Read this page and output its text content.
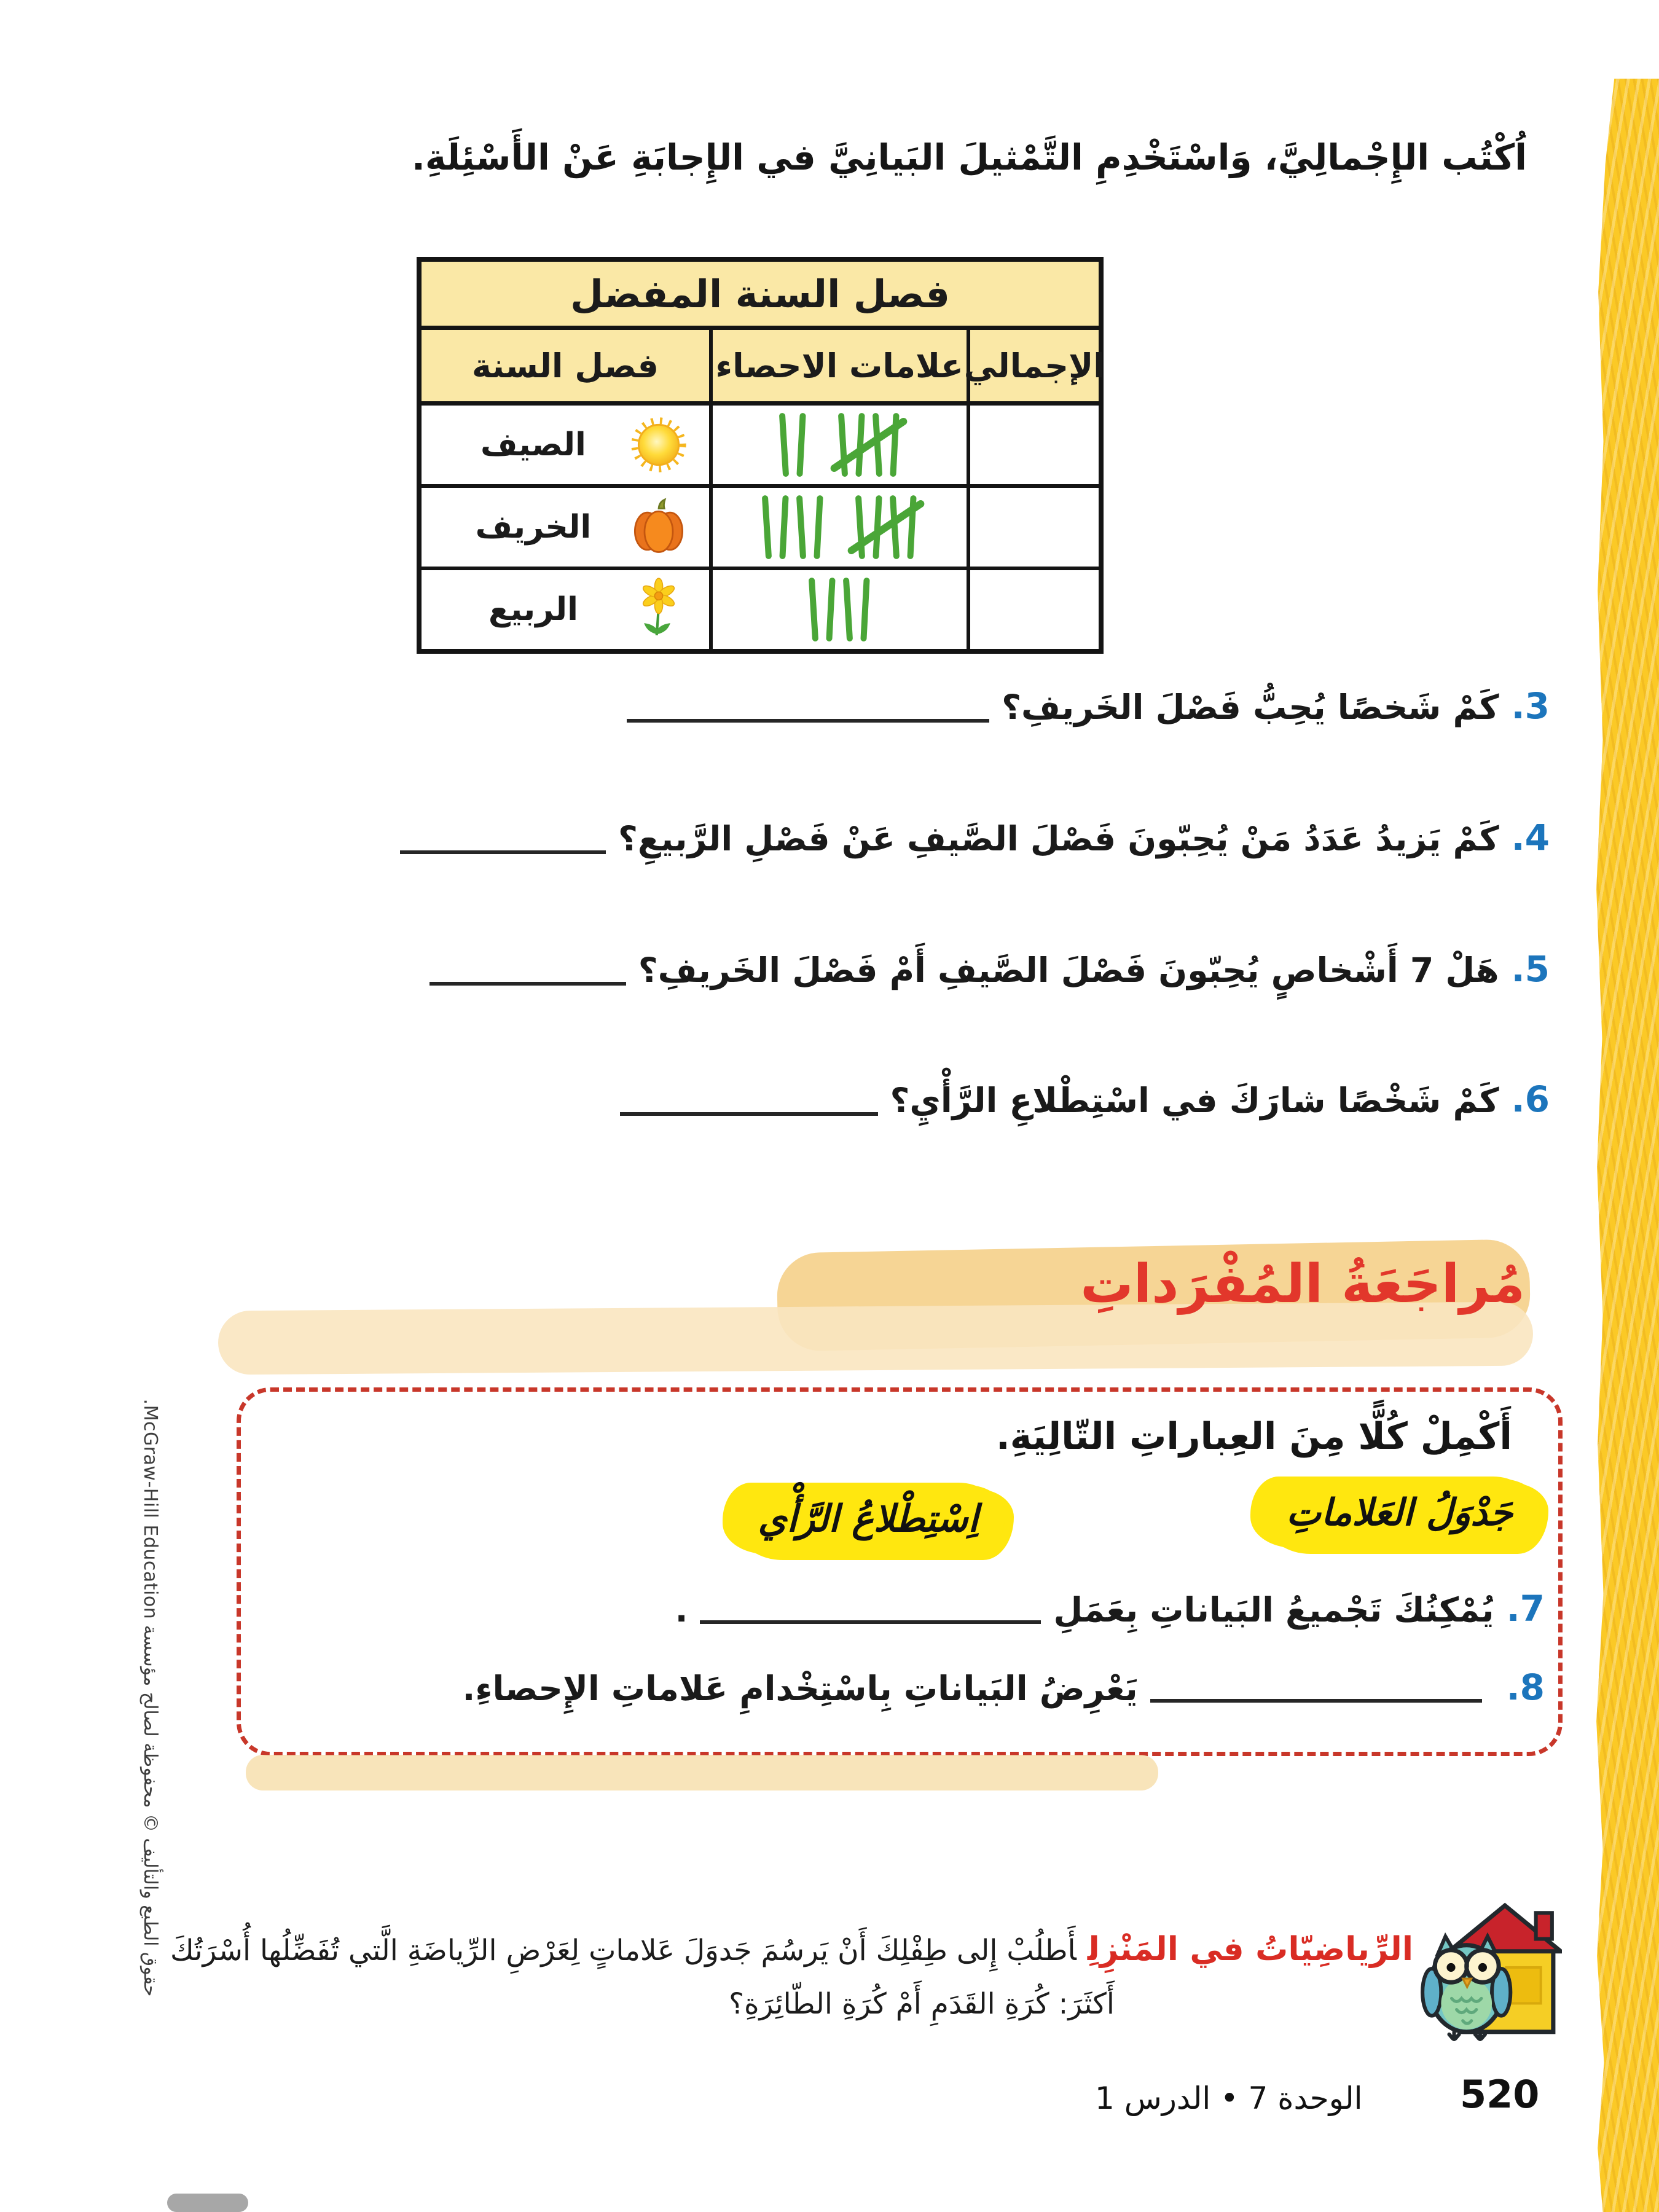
اُكْتُب الإِجْمالِيَّ، وَاسْتَخْدِمِ التَّمْثيلَ البَيانِيَّ في الإِجابَةِ عَنْ الأَسْئِلَةِ.
فصل السنة المفضل
فصل السنة	علامات الاحصاء الإجمالي
الصيف
الخريف
الربيع
3.
كَمْ شَخصًا يُحِبُّ فَصْلَ الخَريفِ؟
4.
كَمْ يَزيدُ عَدَدُ مَنْ يُحِبّونَ فَصْلَ الصَّيفِ عَنْ فَصْلِ الرَّبيعِ؟
5.
هَلْ 7 أَشْخاصٍ يُحِبّونَ فَصْلَ الصَّيفِ أَمْ فَصْلَ الخَريفِ؟
6.
كَمْ شَخْصًا شارَكَ في اسْتِطْلاعِ الرَّأْيِ؟
مُراجَعَةُ المُفْرَداتِ
أَكْمِلْ كُلًّا مِنَ العِباراتِ التّالِيَةِ.
جَدْوَلُ العَلاماتِ
اِسْتِطْلاعُ الرَّأْي
7.
يُمْكِنُكَ تَجْميعُ البَياناتِ بِعَمَلِ
.
8.
يَعْرِضُ البَياناتِ بِاسْتِخْدامِ عَلاماتِ الإِحصاءِ.
الرِّياضِيّاتُ في المَنْزِلِأَطلُبْ إِلى طِفْلِكَ أَنْ يَرسُمَ جَدوَلَ عَلاماتٍ لِعَرْضِ الرِّياضَةِ الَّتي تُفَضِّلُها أُسْرَتُكَ
أَكثَرَ: كُرَةِ القَدَمِ أَمْ كُرَةِ الطّائِرَةِ؟
الوحدة 7 • الدرس 1	520
حقوق الطبع والتأليف © محفوظة لصالح مؤسسة McGraw-Hill Education.
